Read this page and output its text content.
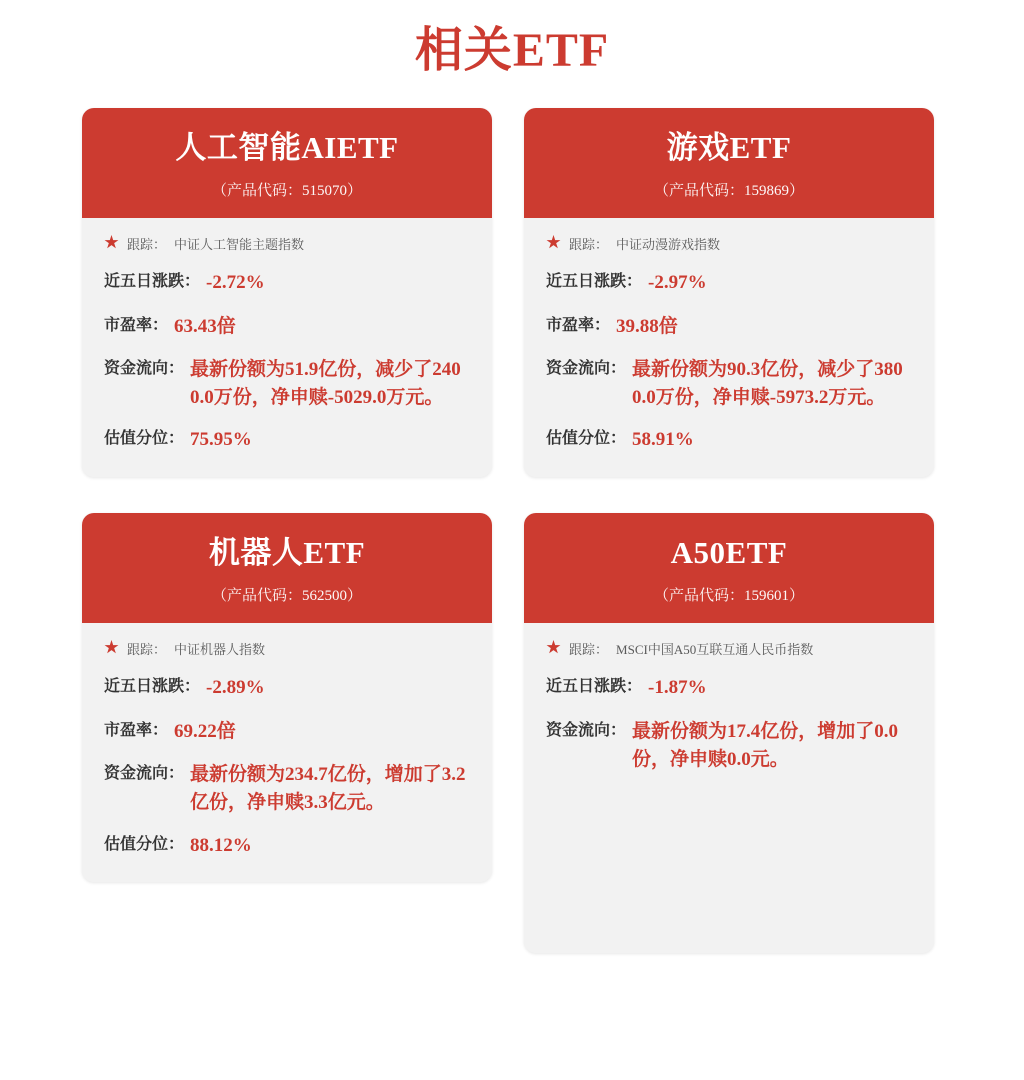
相关ETF
人工智能AIETF
（产品代码：515070）
★ 跟踪： 中证人工智能主题指数
近五日涨跌： -2.72%
市盈率： 63.43倍
资金流向： 最新份额为51.9亿份，减少了2400.0万份，净申赎-5029.0万元。
估值分位： 75.95%
游戏ETF
（产品代码：159869）
★ 跟踪： 中证动漫游戏指数
近五日涨跌： -2.97%
市盈率： 39.88倍
资金流向： 最新份额为90.3亿份，减少了3800.0万份，净申赎-5973.2万元。
估值分位： 58.91%
机器人ETF
（产品代码：562500）
★ 跟踪： 中证机器人指数
近五日涨跌： -2.89%
市盈率： 69.22倍
资金流向： 最新份额为234.7亿份，增加了3.2亿份，净申赎3.3亿元。
估值分位： 88.12%
A50ETF
（产品代码：159601）
★ 跟踪： MSCI中国A50互联互通人民币指数
近五日涨跌： -1.87%
资金流向： 最新份额为17.4亿份，增加了0.0份，净申赎0.0元。
